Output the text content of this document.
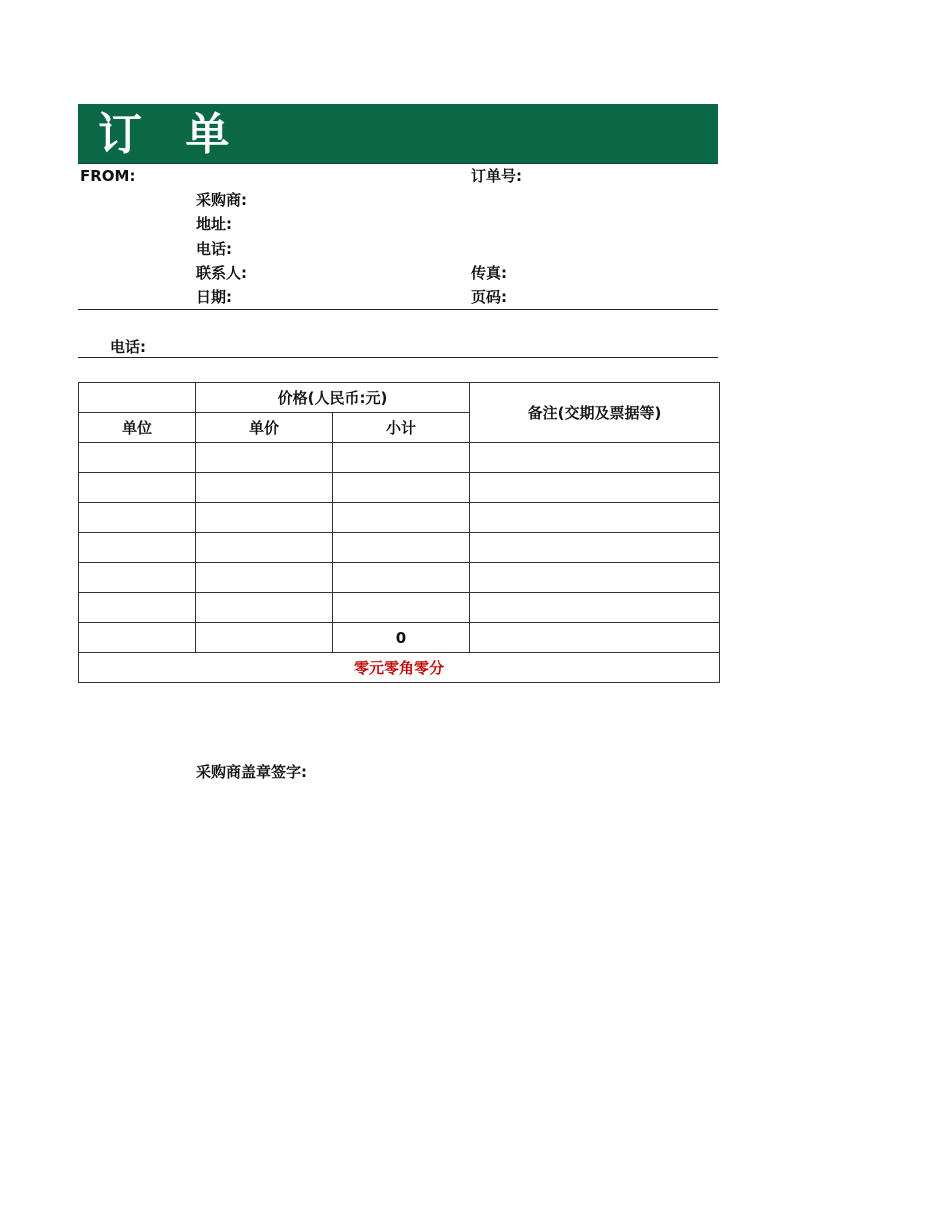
订 单
FROM:	订单号:
采购商:
地址:
电话:
联系人:	传真:
日期:	页码:
电话:
	价格(人民币:元)		备注(交期及票据等)
单位	单价	小计	

		0	
零元零角零分			
采购商盖章签字:
